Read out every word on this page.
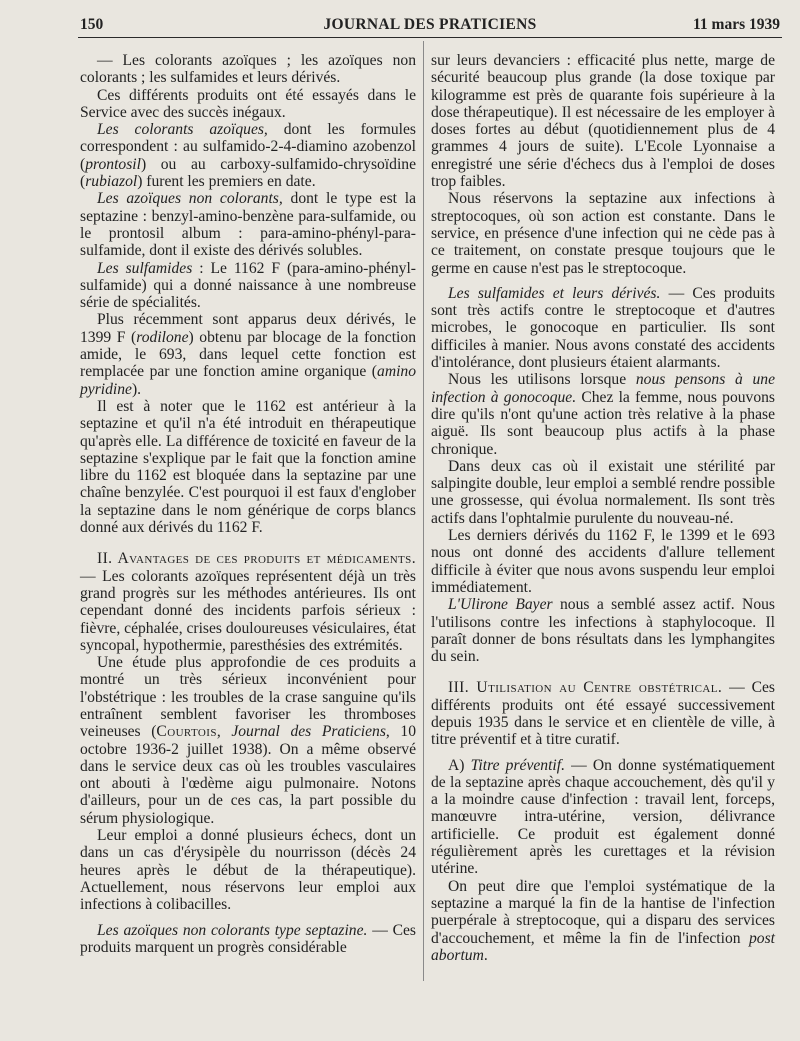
150	JOURNAL DES PRATICIENS	11 mars 1939

— Les colorants azoïques ; les azoïques non colorants ; les sulfamides et leurs dérivés.

Ces différents produits ont été essayés dans le Service avec des succès inégaux.

Les colorants azoïques, dont les formules correspondent : au sulfamido-2-4-diamino azobenzol (prontosil) ou au carboxy-sulfamido-chrysoïdine (rubiazol) furent les premiers en date.

Les azoïques non colorants, dont le type est la septazine : benzyl-amino-benzène para-sulfamide, ou le prontosil album : para-amino-phényl-para-sulfamide, dont il existe des dérivés solubles.

Les sulfamides : Le 1162 F (para-amino-phényl-sulfamide) qui a donné naissance à une nombreuse série de spécialités.

Plus récemment sont apparus deux dérivés, le 1399 F (rodilone) obtenu par blocage de la fonction amide, le 693, dans lequel cette fonction est remplacée par une fonction amine organique (amino pyridine).

Il est à noter que le 1162 est antérieur à la septazine et qu'il n'a été introduit en thérapeutique qu'après elle. La différence de toxicité en faveur de la septazine s'explique par le fait que la fonction amine libre du 1162 est bloquée dans la septazine par une chaîne benzylée. C'est pourquoi il est faux d'englober la septazine dans le nom générique de corps blancs donné aux dérivés du 1162 F.

II. Avantages de ces produits et médicaments. — Les colorants azoïques représentent déjà un très grand progrès sur les méthodes antérieures. Ils ont cependant donné des incidents parfois sérieux : fièvre, céphalée, crises douloureuses vésiculaires, état syncopal, hypothermie, paresthésies des extrémités.

Une étude plus approfondie de ces produits a montré un très sérieux inconvénient pour l'obstétrique : les troubles de la crase sanguine qu'ils entraînent semblent favoriser les thromboses veineuses (Courtois, Journal des Praticiens, 10 octobre 1936-2 juillet 1938). On a même observé dans le service deux cas où les troubles vasculaires ont abouti à l'œdème aigu pulmonaire. Notons d'ailleurs, pour un de ces cas, la part possible du sérum physiologique.

Leur emploi a donné plusieurs échecs, dont un dans un cas d'érysipèle du nourrisson (décès 24 heures après le début de la thérapeutique). Actuellement, nous réservons leur emploi aux infections à colibacilles.

Les azoïques non colorants type septazine. — Ces produits marquent un progrès considérable

sur leurs devanciers : efficacité plus nette, marge de sécurité beaucoup plus grande (la dose toxique par kilogramme est près de quarante fois supérieure à la dose thérapeutique). Il est nécessaire de les employer à doses fortes au début (quotidiennement plus de 4 grammes 4 jours de suite). L'Ecole Lyonnaise a enregistré une série d'échecs dus à l'emploi de doses trop faibles.

Nous réservons la septazine aux infections à streptocoques, où son action est constante. Dans le service, en présence d'une infection qui ne cède pas à ce traitement, on constate presque toujours que le germe en cause n'est pas le streptocoque.

Les sulfamides et leurs dérivés. — Ces produits sont très actifs contre le streptocoque et d'autres microbes, le gonocoque en particulier. Ils sont difficiles à manier. Nous avons constaté des accidents d'intolérance, dont plusieurs étaient alarmants.

Nous les utilisons lorsque nous pensons à une infection à gonocoque. Chez la femme, nous pouvons dire qu'ils n'ont qu'une action très relative à la phase aiguë. Ils sont beaucoup plus actifs à la phase chronique.

Dans deux cas où il existait une stérilité par salpingite double, leur emploi a semblé rendre possible une grossesse, qui évolua normalement. Ils sont très actifs dans l'ophtalmie purulente du nouveau-né.

Les derniers dérivés du 1162 F, le 1399 et le 693 nous ont donné des accidents d'allure tellement difficile à éviter que nous avons suspendu leur emploi immédiatement.

L'Ulirone Bayer nous a semblé assez actif. Nous l'utilisons contre les infections à staphylocoque. Il paraît donner de bons résultats dans les lymphangites du sein.

III. Utilisation au Centre obstétrical. — Ces différents produits ont été essayé successivement depuis 1935 dans le service et en clientèle de ville, à titre préventif et à titre curatif.

A) Titre préventif. — On donne systématiquement de la septazine après chaque accouchement, dès qu'il y a la moindre cause d'infection : travail lent, forceps, manœuvre intra-utérine, version, délivrance artificielle. Ce produit est également donné régulièrement après les curettages et la révision utérine.

On peut dire que l'emploi systématique de la septazine a marqué la fin de la hantise de l'infection puerpérale à streptocoque, qui a disparu des services d'accouchement, et même la fin de l'infection post abortum.
